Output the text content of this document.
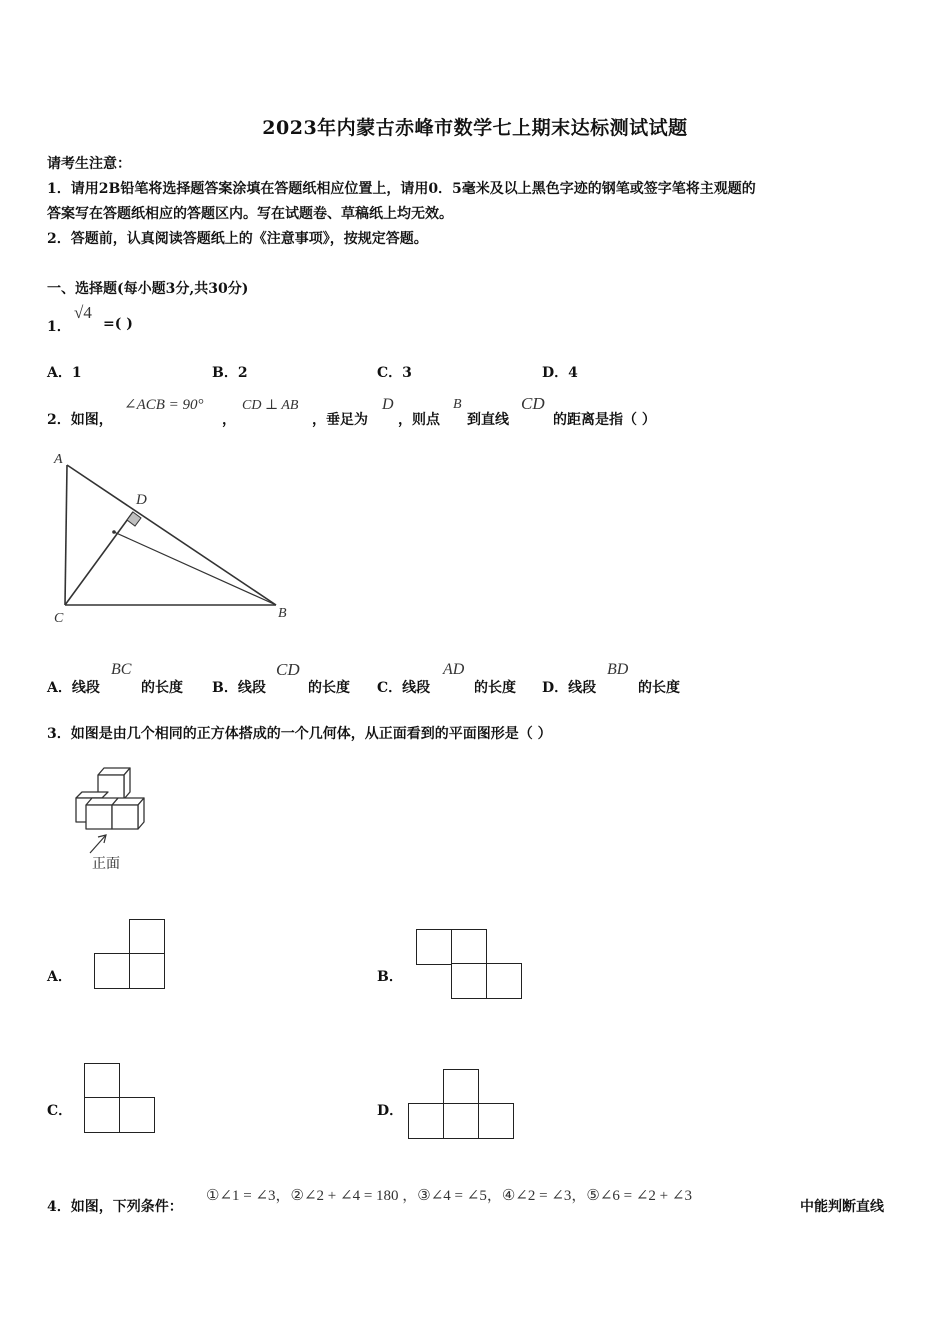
2023年内蒙古赤峰市数学七上期末达标测试试题
请考生注意：
1．请用2B铅笔将选择题答案涂填在答题纸相应位置上，请用0．5毫米及以上黑色字迹的钢笔或签字笔将主观题的
答案写在答题纸相应的答题区内。写在试题卷、草稿纸上均无效。
2．答题前，认真阅读答题纸上的《注意事项》，按规定答题。
一、选择题(每小题3分,共30分)
1．
√4
=( )
A．1	B．2	C．3	D．4
2．如图，
∠ACB = 90°
，
CD ⊥ AB
，垂足为
D
，则点
B
到直线
CD
的距离是指（ ）
A
D
C	B
A．线段
BC
的长度 B．线段
CD
的长度 C．线段
AD
的长度 D．线段
BD
的长度
3．如图是由几个相同的正方体搭成的一个几何体，从正面看到的平面图形是（ ）
正面
A．	B．
C．	D．
4．如图，下列条件：
①∠1 = ∠3，②∠2 + ∠4 = 180 ，③∠4 = ∠5，④∠2 = ∠3，⑤∠6 = ∠2 + ∠3
中能判断直线
